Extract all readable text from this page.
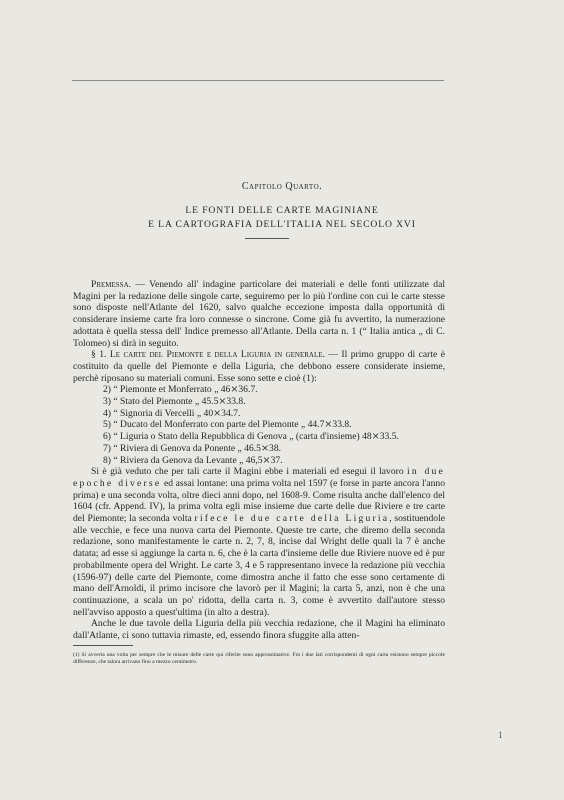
Capitolo Quarto.
LE FONTI DELLE CARTE MAGINIANE
E LA CARTOGRAFIA DELL'ITALIA NEL SECOLO XVI

Premessa. — Venendo all' indagine particolare dei materiali e delle fonti utilizzate dal Magini per la redazione delle singole carte, seguiremo per lo più l'ordine con cui le carte stesse sono disposte nell'Atlante del 1620, salvo qualche eccezione imposta dalla opportunità di considerare insieme carte fra loro connesse o sincrone. Come già fu avvertito, la numerazione adottata è quella stessa dell' Indice premesso all'Atlante. Della carta n. 1 (“ Italia antica „ di C. Tolomeo) si dirà in seguito.

§ 1. Le carte del Piemonte e della Liguria in generale. — Il primo gruppo di carte è costituito da quelle del Piemonte e della Liguria, che debbono essere considerate insieme, perchè riposano su materiali comuni. Esse sono sette e cioè (1):

2) “ Piemonte et Monferrato „ 46⨯36.7.
3) “ Stato del Piemonte „ 45.5⨯33.8.
4) “ Signoria di Vercelli „ 40⨯34.7.
5) “ Ducato del Monferrato con parte del Piemonte „ 44.7⨯33.8.
6) “ Liguria o Stato della Repubblica di Genova „ (carta d'insieme) 48⨯33.5.
7) “ Riviera di Genova da Ponente „ 46.5⨯38.
8) “ Riviera da Genova da Levante „ 46,5⨯37.

Si è già veduto che per tali carte il Magini ebbe i materiali ed eseguì il lavoro in due epoche diverse ed assai lontane: una prima volta nel 1597 (e forse in parte ancora l'anno prima) e una seconda volta, oltre dieci anni dopo, nel 1608-9. Come risulta anche dall'elenco del 1604 (cfr. Append. IV), la prima volta egli mise insieme due carte delle due Riviere e tre carte del Piemonte; la seconda volta rifece le due carte della Liguria, sostituendole alle vecchie, e fece una nuova carta del Piemonte. Queste tre carte, che diremo della seconda redazione, sono manifestamente le carte n. 2, 7, 8, incise dal Wright delle quali la 7 è anche datata; ad esse si aggiunge la carta n. 6, che è la carta d'insieme delle due Riviere nuove ed è pur probabilmente opera del Wright. Le carte 3, 4 e 5 rappresentano invece la redazione più vecchia (1596-97) delle carte del Piemonte, come dimostra anche il fatto che esse sono certamente di mano dell'Arnoldi, il primo incisore che lavorò per il Magini; la carta 5, anzi, non è che una continuazione, a scala un po' ridotta, della carta n. 3, come è avvertito dall'autore stesso nell'avviso apposto a quest'ultima (in alto a destra).

Anche le due tavole della Liguria della più vecchia redazione, che il Magini ha eliminato dall'Atlante, ci sono tuttavia rimaste, ed, essendo finora sfuggite alla atten-

(1) Si avverta una volta per sempre che le misure delle carte qui riferite sono approssimative. Fra i due lati corrispondenti di ogni carta esistono sempre piccole differenze, che talora arrivano fino a mezzo centimetro.
1
